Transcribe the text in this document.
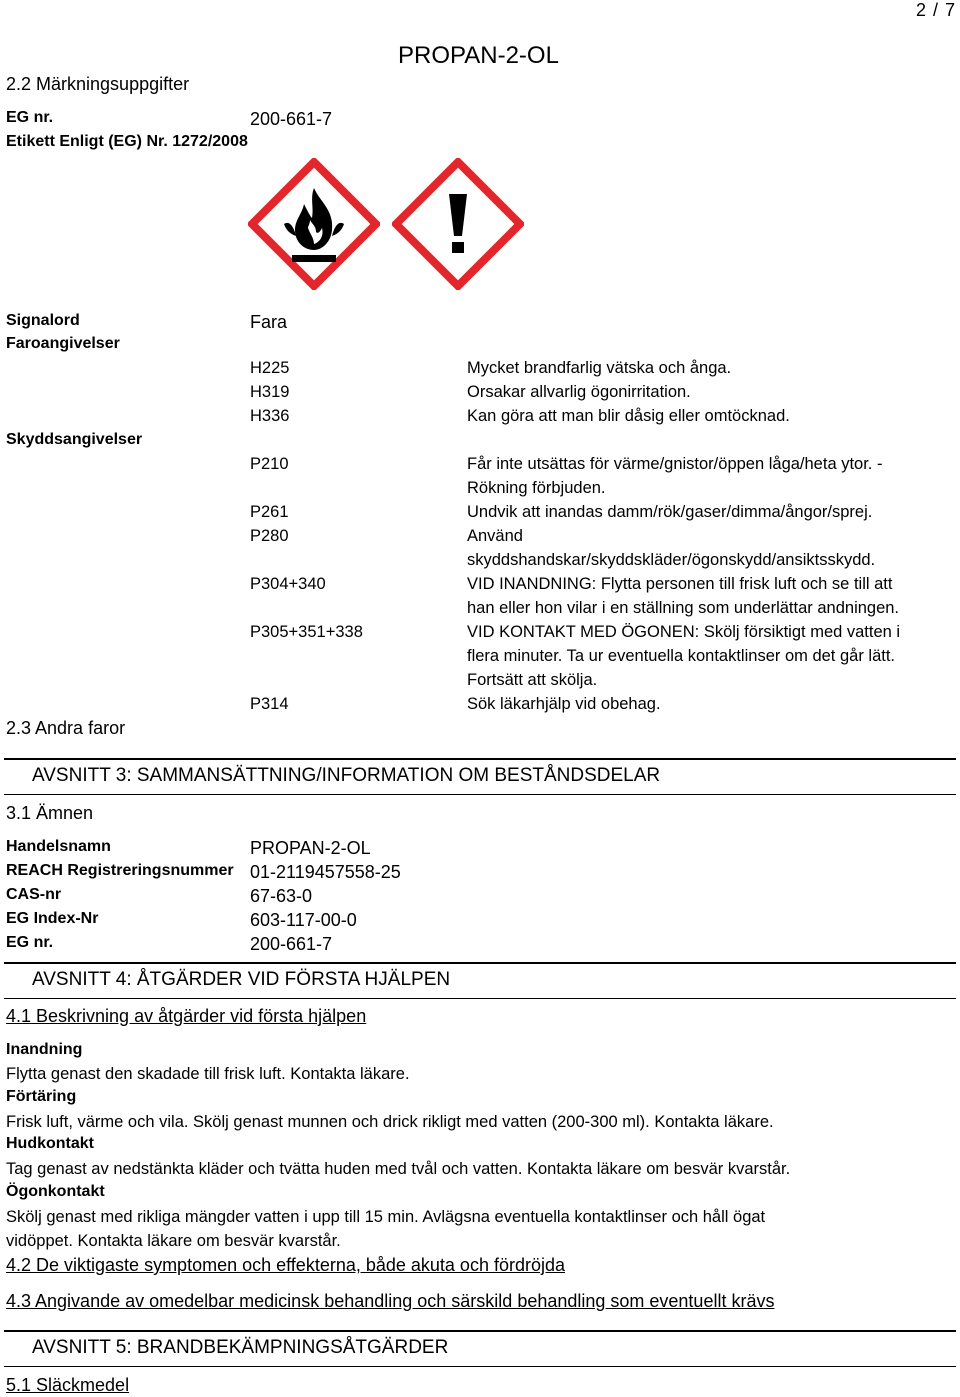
2 / 7
PROPAN-2-OL
2.2 Märkningsuppgifter
EG nr.	200-661-7
Etikett Enligt (EG) Nr. 1272/2008
Signalord	Fara
Faroangivelser
H225	Mycket brandfarlig vätska och ånga.
H319	Orsakar allvarlig ögonirritation.
H336	Kan göra att man blir dåsig eller omtöcknad.
Skyddsangivelser
P210	Får inte utsättas för värme/gnistor/öppen låga/heta ytor. -
Rökning förbjuden.
P261	Undvik att inandas damm/rök/gaser/dimma/ångor/sprej.
P280	Använd
skyddshandskar/skyddskläder/ögonskydd/ansiktsskydd.
P304+340	VID INANDNING: Flytta personen till frisk luft och se till att
han eller hon vilar i en ställning som underlättar andningen.
P305+351+338	VID KONTAKT MED ÖGONEN: Skölj försiktigt med vatten i
flera minuter. Ta ur eventuella kontaktlinser om det går lätt.
Fortsätt att skölja.
P314	Sök läkarhjälp vid obehag.
2.3 Andra faror
AVSNITT 3: SAMMANSÄTTNING/INFORMATION OM BESTÅNDSDELAR
3.1 Ämnen
Handelsnamn	PROPAN-2-OL
REACH Registreringsnummer 01-2119457558-25
CAS-nr	67-63-0
EG Index-Nr	603-117-00-0
EG nr.	200-661-7
AVSNITT 4: ÅTGÄRDER VID FÖRSTA HJÄLPEN
4.1 Beskrivning av åtgärder vid första hjälpen
Inandning
Flytta genast den skadade till frisk luft. Kontakta läkare.
Förtäring
Frisk luft, värme och vila. Skölj genast munnen och drick rikligt med vatten (200-300 ml). Kontakta läkare.
Hudkontakt
Tag genast av nedstänkta kläder och tvätta huden med tvål och vatten. Kontakta läkare om besvär kvarstår.
Ögonkontakt
Skölj genast med rikliga mängder vatten i upp till 15 min. Avlägsna eventuella kontaktlinser och håll ögat
vidöppet. Kontakta läkare om besvär kvarstår.
4.2 De viktigaste symptomen och effekterna, både akuta och fördröjda
4.3 Angivande av omedelbar medicinsk behandling och särskild behandling som eventuellt krävs
AVSNITT 5: BRANDBEKÄMPNINGSÅTGÄRDER
5.1 Släckmedel
